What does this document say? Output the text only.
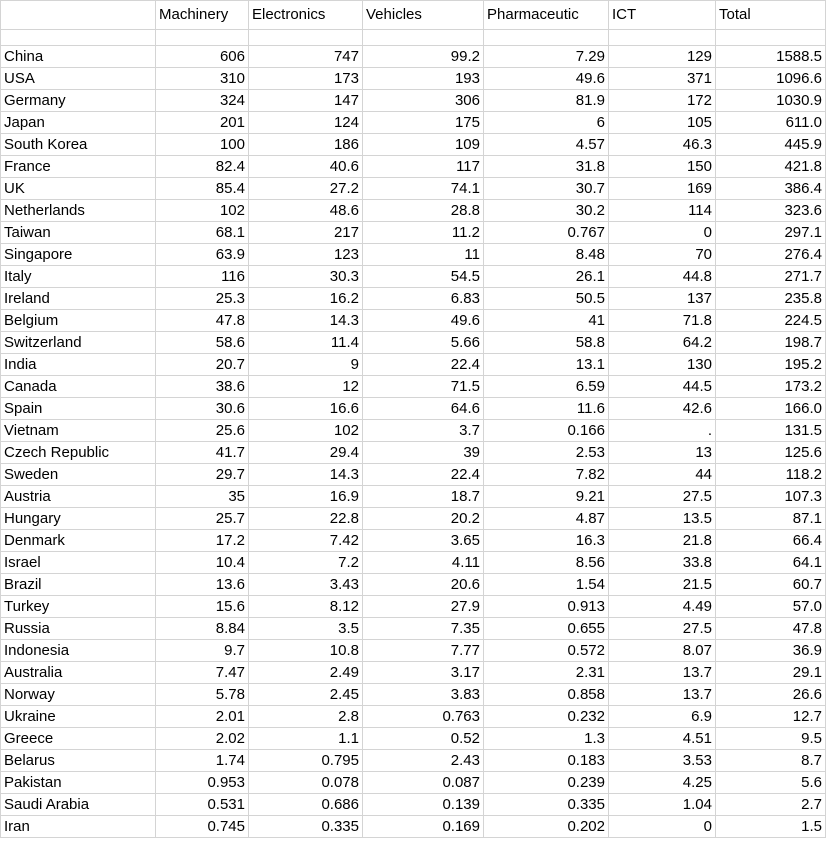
	Machinery	Electronics	Vehicles	Pharmaceutic	ICT	Total

China	606	747	99.2	7.29	129	1588.5
USA	310	173	193	49.6	371	1096.6
Germany	324	147	306	81.9	172	1030.9
Japan	201	124	175	6	105	611.0
South Korea	100	186	109	4.57	46.3	445.9
France	82.4	40.6	117	31.8	150	421.8
UK	85.4	27.2	74.1	30.7	169	386.4
Netherlands	102	48.6	28.8	30.2	114	323.6
Taiwan	68.1	217	11.2	0.767	0	297.1
Singapore	63.9	123	11	8.48	70	276.4
Italy	116	30.3	54.5	26.1	44.8	271.7
Ireland	25.3	16.2	6.83	50.5	137	235.8
Belgium	47.8	14.3	49.6	41	71.8	224.5
Switzerland	58.6	11.4	5.66	58.8	64.2	198.7
India	20.7	9	22.4	13.1	130	195.2
Canada	38.6	12	71.5	6.59	44.5	173.2
Spain	30.6	16.6	64.6	11.6	42.6	166.0
Vietnam	25.6	102	3.7	0.166	.	131.5
Czech Republic	41.7	29.4	39	2.53	13	125.6
Sweden	29.7	14.3	22.4	7.82	44	118.2
Austria	35	16.9	18.7	9.21	27.5	107.3
Hungary	25.7	22.8	20.2	4.87	13.5	87.1
Denmark	17.2	7.42	3.65	16.3	21.8	66.4
Israel	10.4	7.2	4.11	8.56	33.8	64.1
Brazil	13.6	3.43	20.6	1.54	21.5	60.7
Turkey	15.6	8.12	27.9	0.913	4.49	57.0
Russia	8.84	3.5	7.35	0.655	27.5	47.8
Indonesia	9.7	10.8	7.77	0.572	8.07	36.9
Australia	7.47	2.49	3.17	2.31	13.7	29.1
Norway	5.78	2.45	3.83	0.858	13.7	26.6
Ukraine	2.01	2.8	0.763	0.232	6.9	12.7
Greece	2.02	1.1	0.52	1.3	4.51	9.5
Belarus	1.74	0.795	2.43	0.183	3.53	8.7
Pakistan	0.953	0.078	0.087	0.239	4.25	5.6
Saudi Arabia	0.531	0.686	0.139	0.335	1.04	2.7
Iran	0.745	0.335	0.169	0.202	0	1.5
